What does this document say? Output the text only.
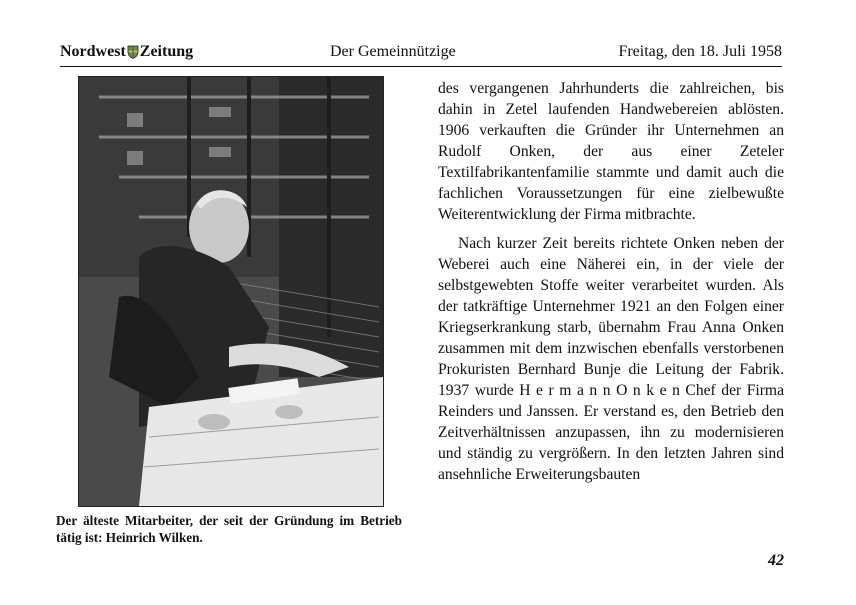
Nordwest Zeitung	Der Gemeinnützige	Freitag, den 18. Juli 1958
Der älteste Mitarbeiter, der seit der Gründung im Betrieb tätig ist: Heinrich Wilken.

des vergangenen Jahrhunderts die zahlreichen, bis dahin in Zetel laufenden Handwebereien ablösten. 1906 verkauften die Gründer ihr Unternehmen an Rudolf Onken, der aus einer Zeteler Textilfabrikantenfamilie stammte und damit auch die fachlichen Voraussetzungen für eine zielbewußte Weiterentwicklung der Firma mitbrachte.

Nach kurzer Zeit bereits richtete Onken neben der Weberei auch eine Näherei ein, in der viele der selbstgewebten Stoffe weiter verarbeitet wurden. Als der tatkräftige Unternehmer 1921 an den Folgen einer Kriegserkrankung starb, übernahm Frau Anna Onken zusammen mit dem inzwischen ebenfalls verstorbenen Prokuristen Bernhard Bunje die Leitung der Fabrik. 1937 wurde H e r m a n n O n k e n Chef der Firma Reinders und Janssen. Er verstand es, den Betrieb den Zeitverhältnissen anzupassen, ihn zu modernisieren und ständig zu vergrößern. In den letzten Jahren sind ansehnliche Erweiterungsbauten

42
